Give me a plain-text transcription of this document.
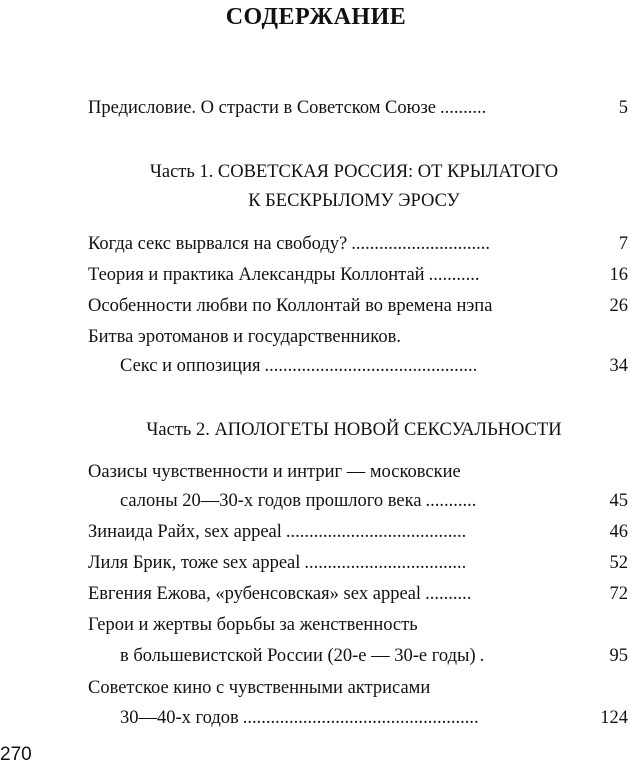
СОДЕРЖАНИЕ
Предисловие. О страсти в Советском Союзе ..........	5
Часть 1. СОВЕТСКАЯ РОССИЯ: ОТ КРЫЛАТОГО
К БЕСКРЫЛОМУ ЭРОСУ
Когда секс вырвался на свободу? ..............................	7
Теория и практика Александры Коллонтай ...........	16
Особенности любви по Коллонтай во времена нэпа	26
Битва эротоманов и государственников.
Секс и оппозиция ..............................................	34
Часть 2. АПОЛОГЕТЫ НОВОЙ СЕКСУАЛЬНОСТИ
Оазисы чувственности и интриг — московские
салоны 20—30-х годов прошлого века ...........	45
Зинаида Райх, sex appeal .......................................	46
Лиля Брик, тоже sex appeal ...................................	52
Евгения Ежова, «рубенсовская» sex appeal ..........	72
Герои и жертвы борьбы за женственность
в большевистской России (20-е — 30-е годы) .	95
Советское кино с чувственными актрисами
30—40-х годов ...................................................	124
270
